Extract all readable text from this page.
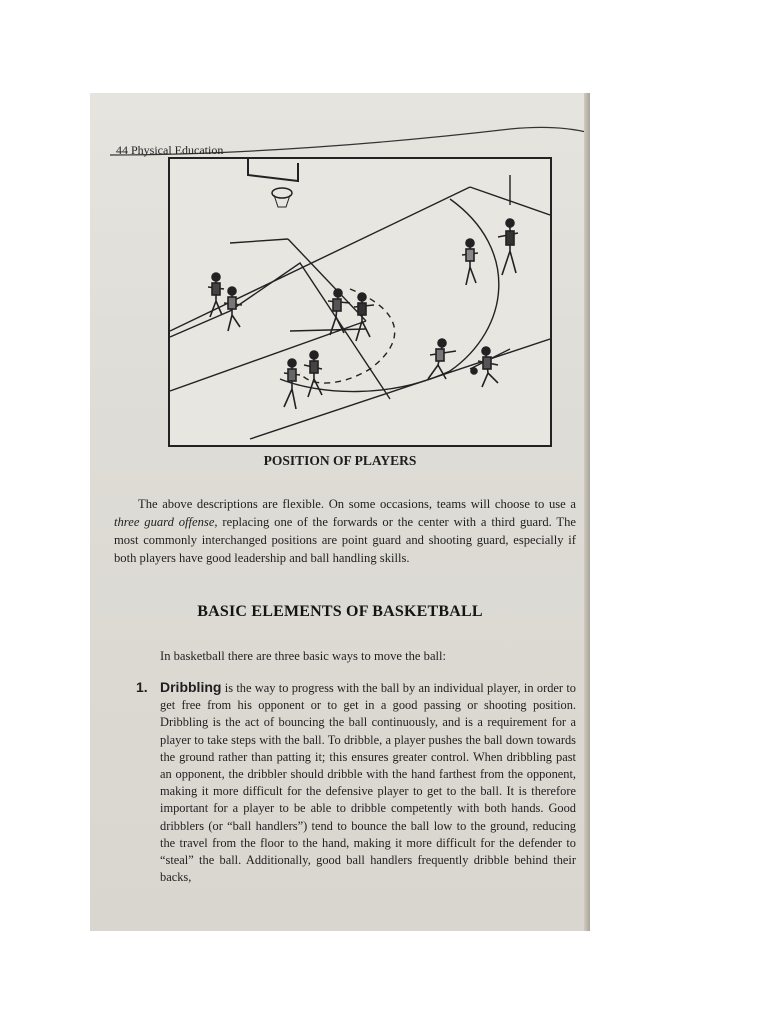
44 Physical Education
POSITION OF PLAYERS

The above descriptions are flexible. On some occasions, teams will choose to use a three guard offense, replacing one of the forwards or the center with a third guard. The most commonly interchanged positions are point guard and shooting guard, especially if both players have good leadership and ball handling skills.

BASIC ELEMENTS OF BASKETBALL
In basketball there are three basic ways to move the ball:
1. Dribbling is the way to progress with the ball by an individual player, in order to get free from his opponent or to get in a good passing or shooting position. Dribbling is the act of bouncing the ball continuously, and is a requirement for a player to take steps with the ball. To dribble, a player pushes the ball down towards the ground rather than patting it; this ensures greater control. When dribbling past an opponent, the dribbler should dribble with the hand farthest from the opponent, making it more difficult for the defensive player to get to the ball. It is therefore important for a player to be able to dribble competently with both hands. Good dribblers (or “ball handlers”) tend to bounce the ball low to the ground, reducing the travel from the floor to the hand, making it more difficult for the defender to “steal” the ball. Additionally, good ball handlers frequently dribble behind their backs,
